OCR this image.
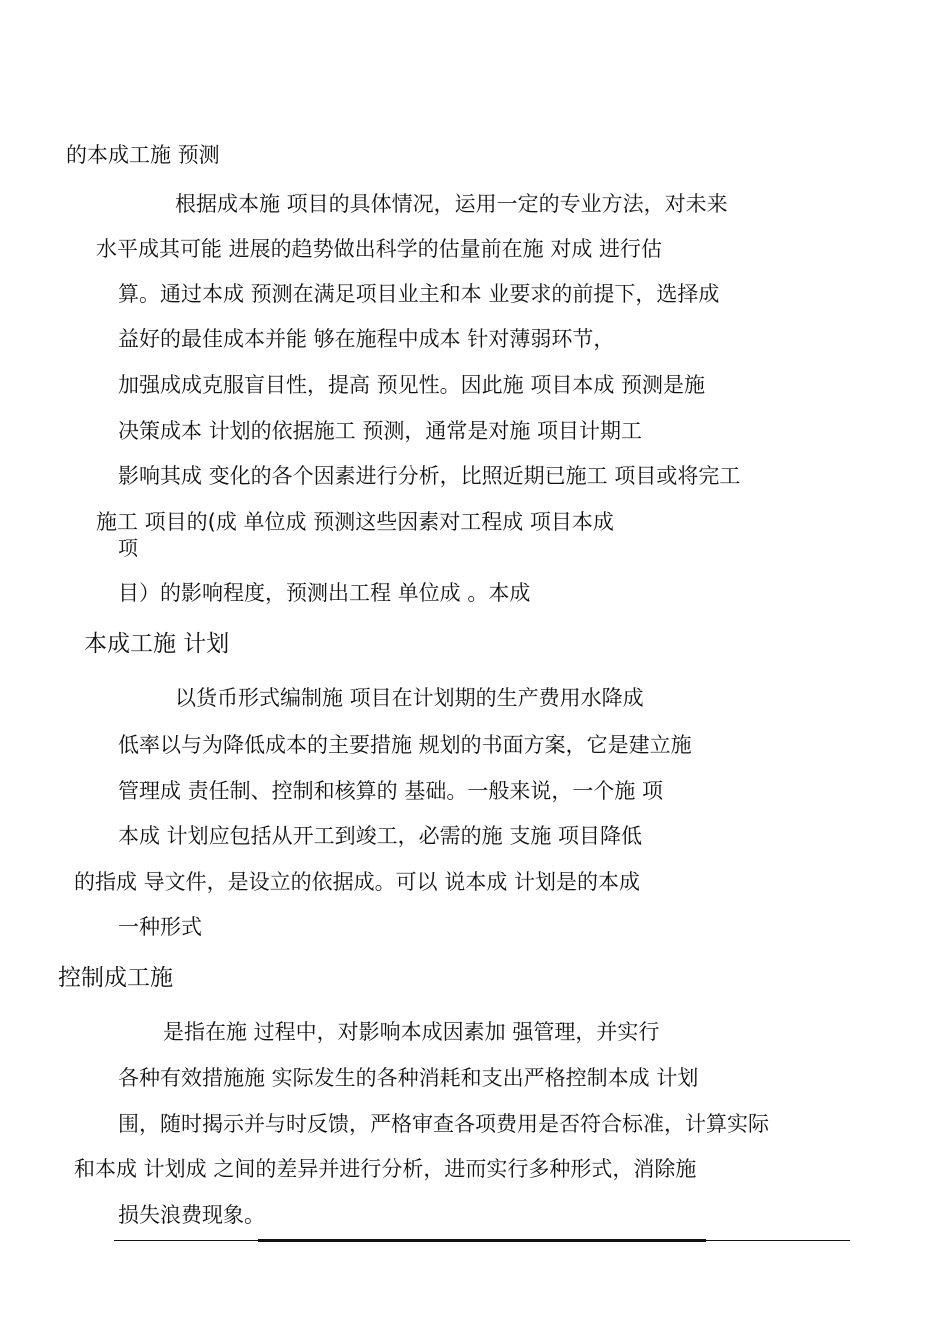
的本成工施 预测
根据成本施 项目的具体情况，运用一定的专业方法，对未来
水平成其可能 进展的趋势做出科学的估量前在施 对成 进行估
算。通过本成 预测在满足项目业主和本 业要求的前提下，选择成
益好的最佳成本并能 够在施程中成本 针对薄弱环节，
加强成成克服盲目性，提高 预见性。因此施 项目本成 预测是施
决策成本 计划的依据施工 预测，通常是对施 项目计期工
影响其成 变化的各个因素进行分析，比照近期已施工 项目或将完工
施工 项目的(成 单位成 预测这些因素对工程成 项目本成
项
目）的影响程度，预测出工程 单位成 。本成
本成工施 计划
以货币形式编制施 项目在计划期的生产费用水降成
低率以与为降低成本的主要措施 规划的书面方案，它是建立施
管理成 责任制、控制和核算的 基础。一般来说，一个施 项
本成 计划应包括从开工到竣工，必需的施 支施 项目降低
的指成 导文件，是设立的依据成。可以 说本成 计划是的本成
一种形式
控制成工施
是指在施 过程中，对影响本成因素加 强管理，并实行
各种有效措施施 实际发生的各种消耗和支出严格控制本成 计划
围，随时揭示并与时反馈，严格审查各项费用是否符合标准，计算实际
和本成 计划成 之间的差异并进行分析，进而实行多种形式，消除施
损失浪费现象。
